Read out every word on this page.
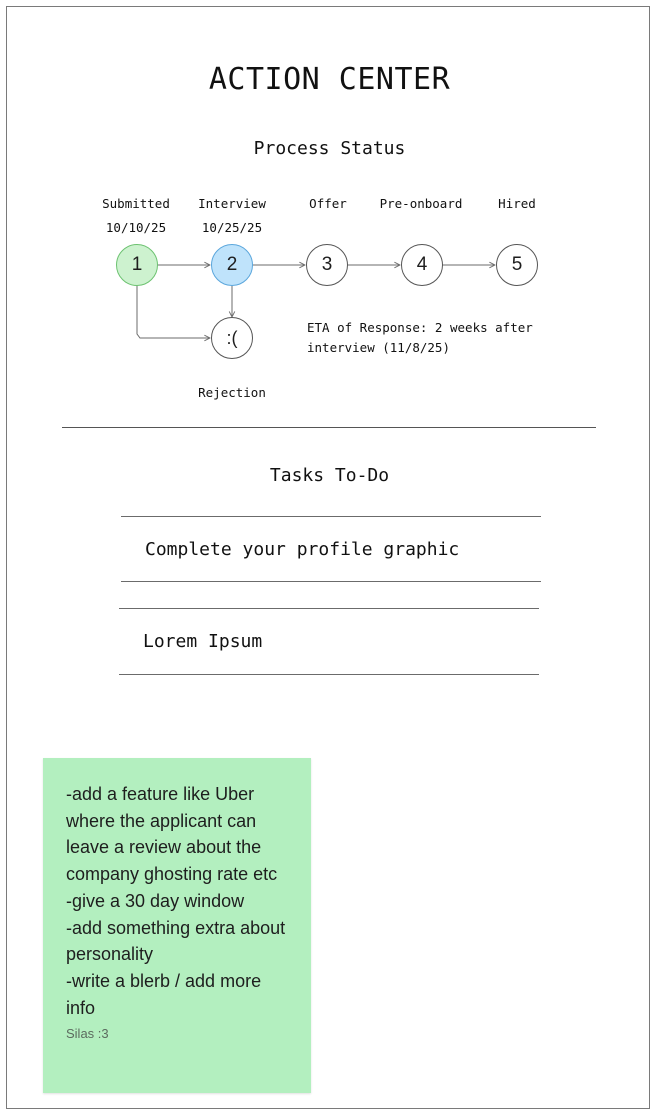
ACTION CENTER
Process Status
Submitted
10/10/25
Interview
10/25/25
Offer	Pre-onboard	Hired
1	2	3	4	5
:(
Rejection
ETA of Response: 2 weeks after interview (11/8/25)
Tasks To-Do
Complete your profile graphic
Lorem Ipsum
-add a feature like Uber where the applicant can leave a review about the company ghosting rate etc
-give a 30 day window
-add something extra about personality
-write a blerb / add more info
Silas :3
